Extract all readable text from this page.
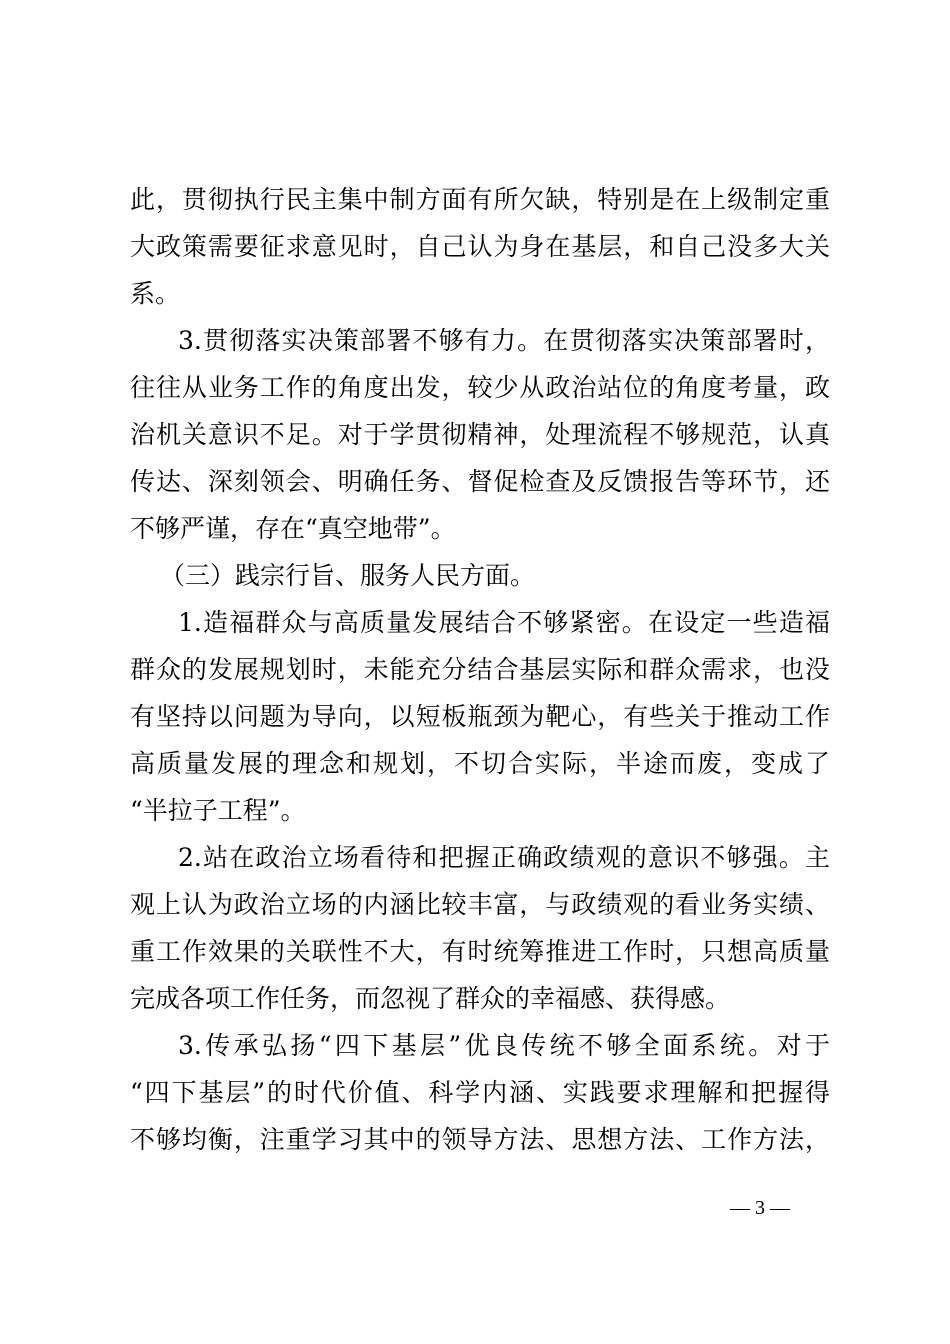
此，贯彻执行民主集中制方面有所欠缺，特别是在上级制定重
大政策需要征求意见时，自己认为身在基层，和自己没多大关
系。
3.贯彻落实决策部署不够有力。在贯彻落实决策部署时，
往往从业务工作的角度出发，较少从政治站位的角度考量，政
治机关意识不足。对于学贯彻精神，处理流程不够规范，认真
传达、深刻领会、明确任务、督促检查及反馈报告等环节，还
不够严谨，存在“真空地带”。
（三）践宗行旨、服务人民方面。
1.造福群众与高质量发展结合不够紧密。在设定一些造福
群众的发展规划时，未能充分结合基层实际和群众需求，也没
有坚持以问题为导向，以短板瓶颈为靶心，有些关于推动工作
高质量发展的理念和规划，不切合实际，半途而废，变成了
“半拉子工程”。
2.站在政治立场看待和把握正确政绩观的意识不够强。主
观上认为政治立场的内涵比较丰富，与政绩观的看业务实绩、
重工作效果的关联性不大，有时统筹推进工作时，只想高质量
完成各项工作任务，而忽视了群众的幸福感、获得感。
3.传承弘扬“四下基层”优良传统不够全面系统。对于
“四下基层”的时代价值、科学内涵、实践要求理解和把握得
不够均衡，注重学习其中的领导方法、思想方法、工作方法，
— 3 —
